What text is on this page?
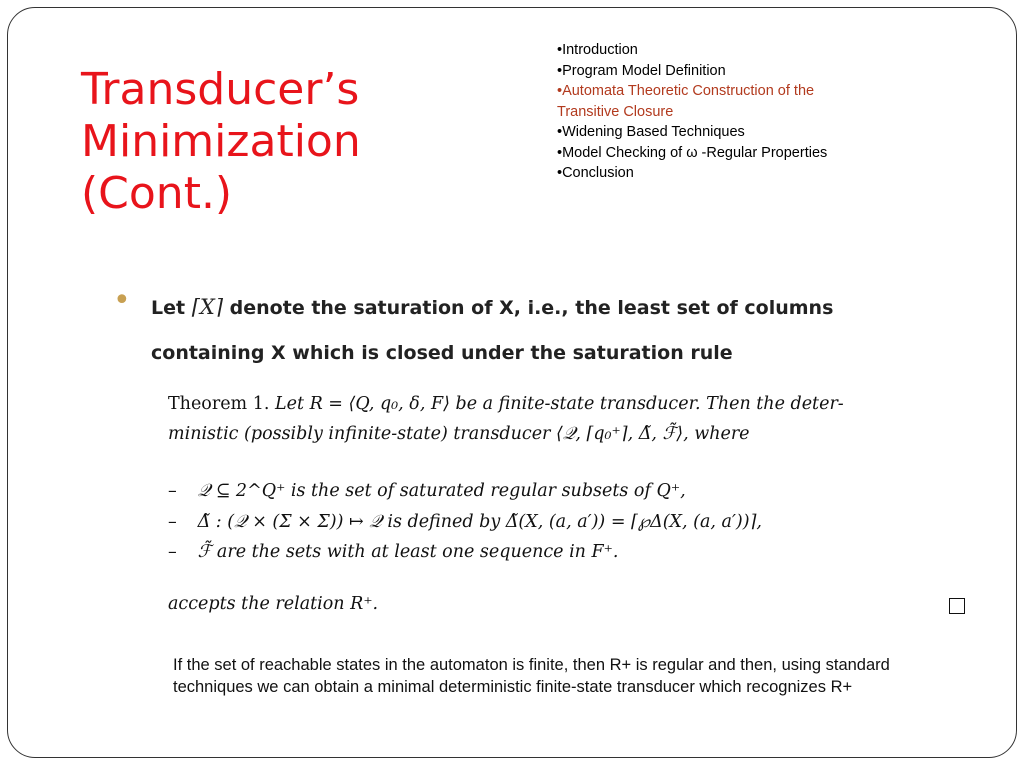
Transducer’s
Minimization
(Cont.)
•Introduction
•Program Model Definition
•Automata Theoretic Construction of the
Transitive Closure
•Widening Based Techniques
•Model Checking of ω -Regular Properties
•Conclusion
• Let ⌈X⌉ denote the saturation of X, i.e., the least set of columns
containing X which is closed under the saturation rule

Theorem 1. Let R = ⟨Q, q₀, δ, F⟩ be a finite-state transducer. Then the deter-
ministic (possibly infinite-state) transducer ⟨𝒬, ⌈q₀⁺⌉, Δ̃, ℱ̃⟩, where
– 𝒬 ⊆ 2^Q⁺ is the set of saturated regular subsets of Q⁺,
– Δ̃ : (𝒬 × (Σ × Σ)) ↦ 𝒬 is defined by Δ̃(X, (a, a′)) = ⌈℘Δ(X, (a, a′))⌉,
– ℱ̃ are the sets with at least one sequence in F⁺.
accepts the relation R⁺.

If the set of reachable states in the automaton is finite, then R+ is regular and then, using standard techniques we can obtain a minimal deterministic finite-state transducer which recognizes R+
